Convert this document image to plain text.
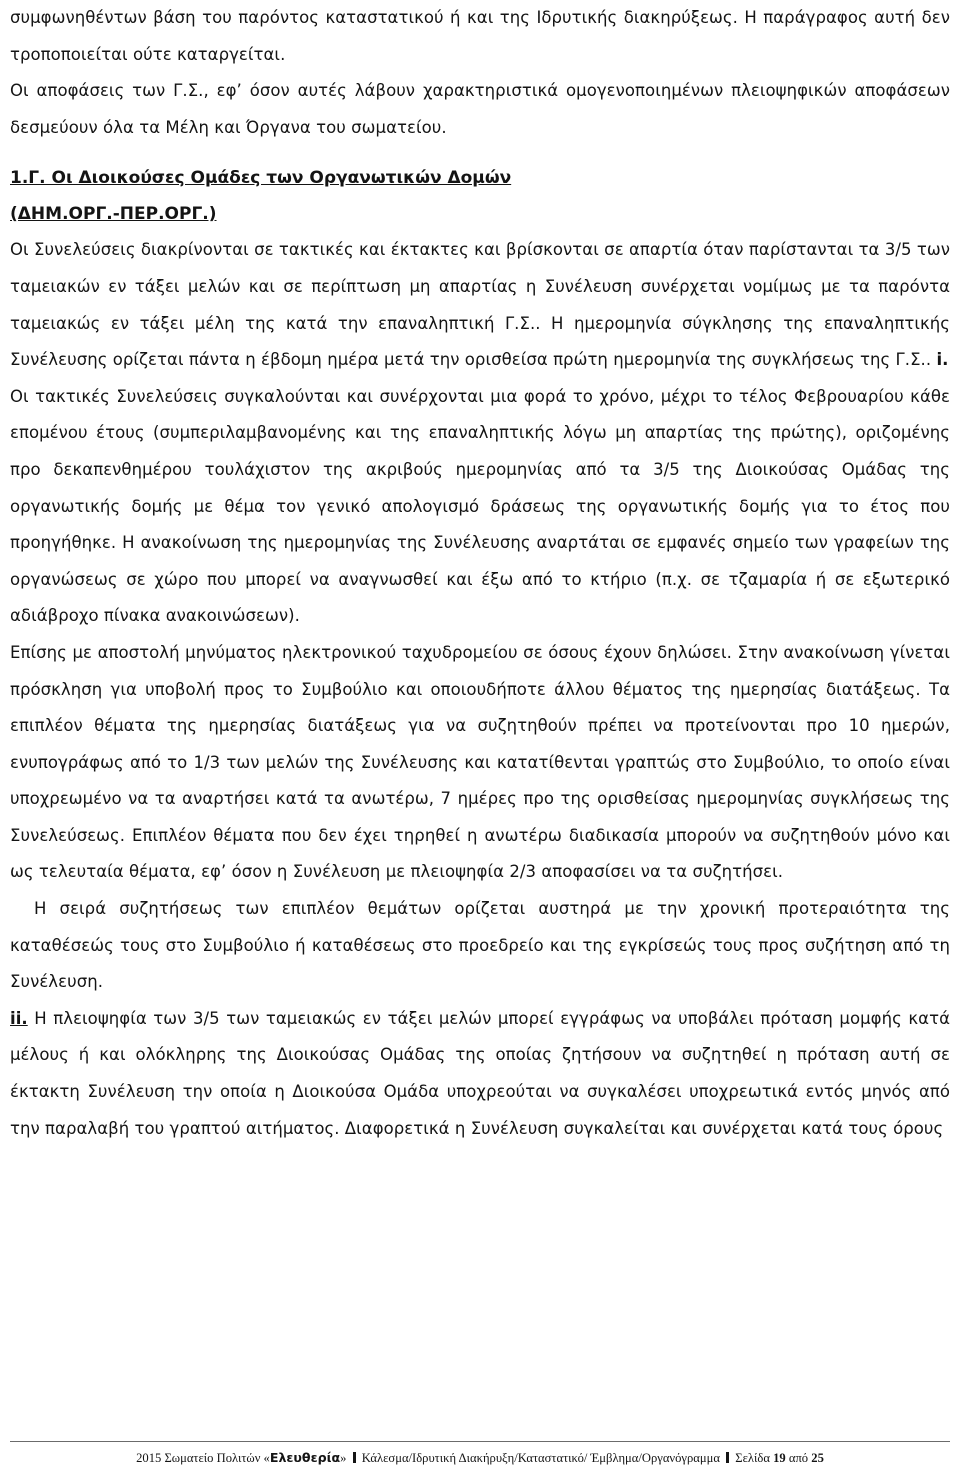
συμφωνηθέντων βάση του παρόντος καταστατικού ή και της Ιδρυτικής διακηρύξεως. Η παράγραφος αυτή δεν τροποποιείται ούτε καταργείται.

Οι αποφάσεις των Γ.Σ., εφ’ όσον αυτές λάβουν χαρακτηριστικά ομογενοποιημένων πλειοψηφικών αποφάσεων δεσμεύουν όλα τα Μέλη και Όργανα του σωματείου.

1.Γ. Οι Διοικούσες Ομάδες των Οργανωτικών Δομών
(ΔΗΜ.ΟΡΓ.-ΠΕΡ.ΟΡΓ.)

Οι Συνελεύσεις διακρίνονται σε τακτικές και έκτακτες και βρίσκονται σε απαρτία όταν παρίστανται τα 3/5 των ταμειακών εν τάξει μελών και σε περίπτωση μη απαρτίας η Συνέλευση συνέρχεται νομίμως με τα παρόντα ταμειακώς εν τάξει μέλη της κατά την επαναληπτική Γ.Σ.. Η ημερομηνία σύγκλησης της επαναληπτικής Συνέλευσης ορίζεται πάντα η έβδομη ημέρα μετά την ορισθείσα πρώτη ημερομηνία της συγκλήσεως της Γ.Σ.. i.

Οι τακτικές Συνελεύσεις συγκαλούνται και συνέρχονται μια φορά το χρόνο, μέχρι το τέλος Φεβρουαρίου κάθε επομένου έτους (συμπεριλαμβανομένης και της επαναληπτικής λόγω μη απαρτίας της πρώτης), οριζομένης προ δεκαπενθημέρου τουλάχιστον της ακριβούς ημερομηνίας από τα 3/5 της Διοικούσας Ομάδας της οργανωτικής δομής με θέμα τον γενικό απολογισμό δράσεως της οργανωτικής δομής για το έτος που προηγήθηκε. Η ανακοίνωση της ημερομηνίας της Συνέλευσης αναρτάται σε εμφανές σημείο των γραφείων της οργανώσεως σε χώρο που μπορεί να αναγνωσθεί και έξω από το κτήριο (π.χ. σε τζαμαρία ή σε εξωτερικό αδιάβροχο πίνακα ανακοινώσεων).

Επίσης με αποστολή μηνύματος ηλεκτρονικού ταχυδρομείου σε όσους έχουν δηλώσει. Στην ανακοίνωση γίνεται πρόσκληση για υποβολή προς το Συμβούλιο και οποιουδήποτε άλλου θέματος της ημερησίας διατάξεως. Τα επιπλέον θέματα της ημερησίας διατάξεως για να συζητηθούν πρέπει να προτείνονται προ 10 ημερών, ενυπογράφως από το 1/3 των μελών της Συνέλευσης και κατατίθενται γραπτώς στο Συμβούλιο, το οποίο είναι υποχρεωμένο να τα αναρτήσει κατά τα ανωτέρω, 7 ημέρες προ της ορισθείσας ημερομηνίας συγκλήσεως της Συνελεύσεως. Επιπλέον θέματα που δεν έχει τηρηθεί η ανωτέρω διαδικασία μπορούν να συζητηθούν μόνο και ως τελευταία θέματα, εφ’ όσον η Συνέλευση με πλειοψηφία 2/3 αποφασίσει να τα συζητήσει.

Η σειρά συζητήσεως των επιπλέον θεμάτων ορίζεται αυστηρά με την χρονική προτεραιότητα της καταθέσεώς τους στο Συμβούλιο ή καταθέσεως στο προεδρείο και της εγκρίσεώς τους προς συζήτηση από τη Συνέλευση.

ii. Η πλειοψηφία των 3/5 των ταμειακώς εν τάξει μελών μπορεί εγγράφως να υποβάλει πρόταση μομφής κατά μέλους ή και ολόκληρης της Διοικούσας Ομάδας της οποίας ζητήσουν να συζητηθεί η πρόταση αυτή σε έκτακτη Συνέλευση την οποία η Διοικούσα Ομάδα υποχρεούται να συγκαλέσει υποχρεωτικά εντός μηνός από την παραλαβή του γραπτού αιτήματος. Διαφορετικά η Συνέλευση συγκαλείται και συνέρχεται κατά τους όρους

2015 Σωματείο Πολιτών «Ελευθερία» Κάλεσμα/Ιδρυτική Διακήρυξη/Καταστατικό/ Έμβλημα/Οργανόγραμμα Σελίδα 19 από 25
